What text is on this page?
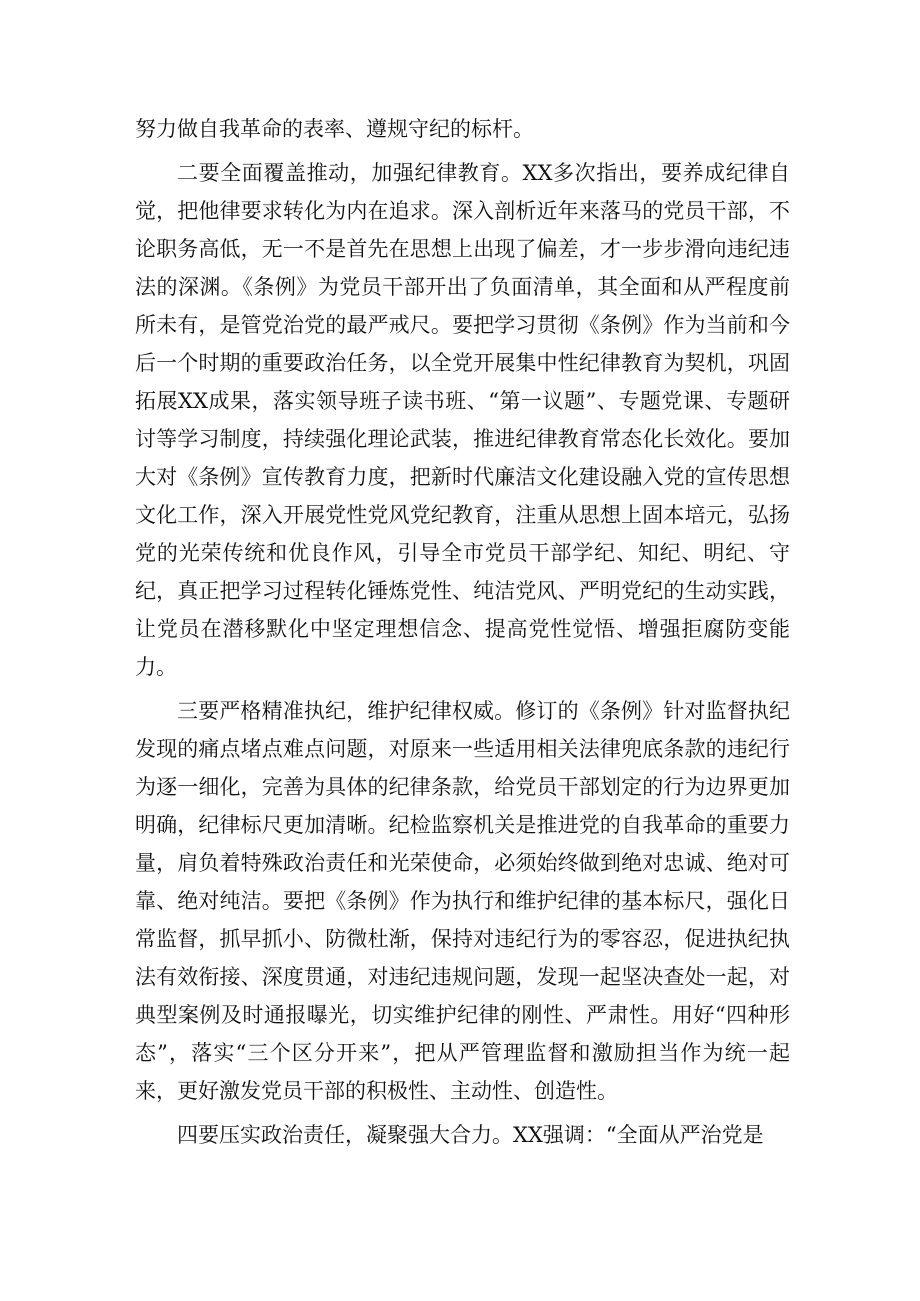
努力做自我革命的表率、遵规守纪的标杆。

二要全面覆盖推动，加强纪律教育。XX多次指出，要养成纪律自觉，把他律要求转化为内在追求。深入剖析近年来落马的党员干部，不论职务高低，无一不是首先在思想上出现了偏差，才一步步滑向违纪违法的深渊。《条例》为党员干部开出了负面清单，其全面和从严程度前所未有，是管党治党的最严戒尺。要把学习贯彻《条例》作为当前和今后一个时期的重要政治任务，以全党开展集中性纪律教育为契机，巩固拓展XX成果，落实领导班子读书班、“第一议题”、专题党课、专题研讨等学习制度，持续强化理论武装，推进纪律教育常态化长效化。要加大对《条例》宣传教育力度，把新时代廉洁文化建设融入党的宣传思想文化工作，深入开展党性党风党纪教育，注重从思想上固本培元，弘扬党的光荣传统和优良作风，引导全市党员干部学纪、知纪、明纪、守纪，真正把学习过程转化锤炼党性、纯洁党风、严明党纪的生动实践，让党员在潜移默化中坚定理想信念、提高党性觉悟、增强拒腐防变能力。

三要严格精准执纪，维护纪律权威。修订的《条例》针对监督执纪发现的痛点堵点难点问题，对原来一些适用相关法律兜底条款的违纪行为逐一细化，完善为具体的纪律条款，给党员干部划定的行为边界更加明确，纪律标尺更加清晰。纪检监察机关是推进党的自我革命的重要力量，肩负着特殊政治责任和光荣使命，必须始终做到绝对忠诚、绝对可靠、绝对纯洁。要把《条例》作为执行和维护纪律的基本标尺，强化日常监督，抓早抓小、防微杜渐，保持对违纪行为的零容忍，促进执纪执法有效衔接、深度贯通，对违纪违规问题，发现一起坚决查处一起，对典型案例及时通报曝光，切实维护纪律的刚性、严肃性。用好“四种形态”，落实“三个区分开来”，把从严管理监督和激励担当作为统一起来，更好激发党员干部的积极性、主动性、创造性。

四要压实政治责任，凝聚强大合力。XX强调：“全面从严治党是
